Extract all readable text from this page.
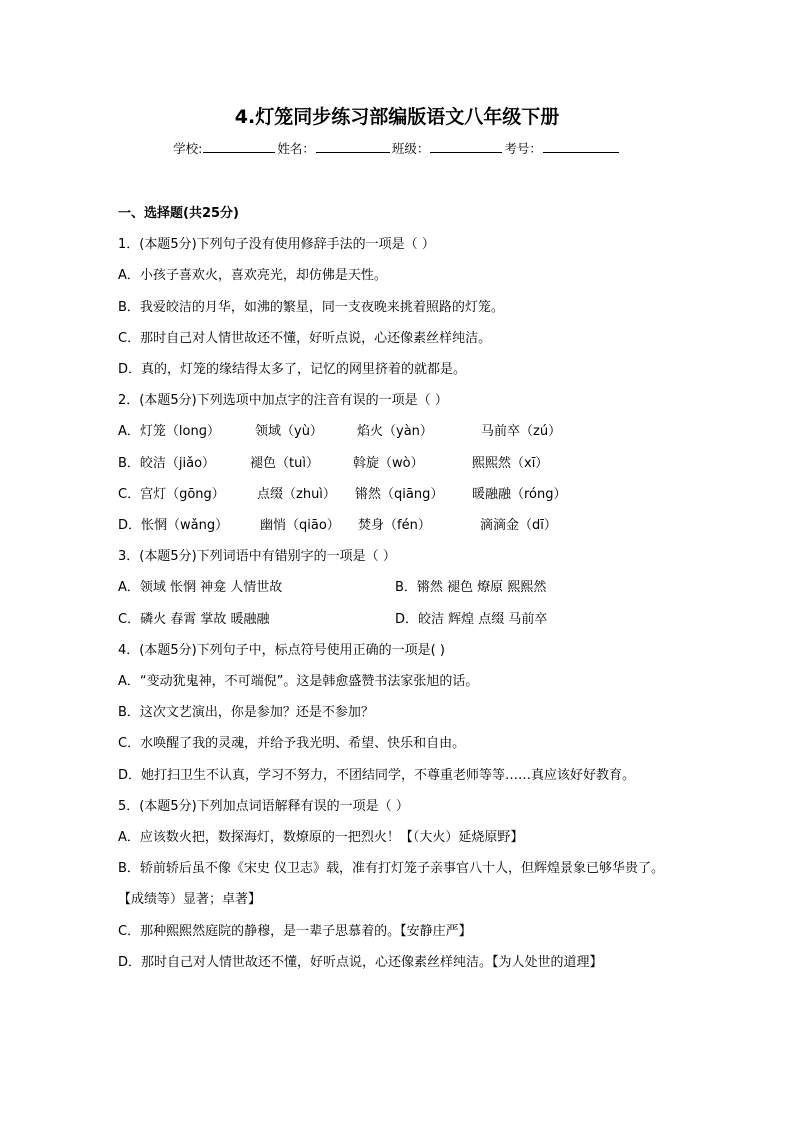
4.灯笼同步练习部编版语文八年级下册
学校:	姓名：	班级：	考号：
一、选择题(共25分)
1．(本题5分)下列句子没有使用修辞手法的一项是（ ）
A．小孩子喜欢火，喜欢亮光，却仿佛是天性。
B．我爱皎洁的月华，如沸的繁星，同一支夜晚来挑着照路的灯笼。
C．那时自己对人情世故还不懂，好听点说，心还像素丝样纯洁。
D．真的，灯笼的缘结得太多了，记忆的网里挤着的就都是。
2．(本题5分)下列选项中加点字的注音有误的一项是（ ）
A．灯笼（lonɡ）	领域（yù）	焰火（yàn）	马前卒（zú）
B．皎洁（jiǎo）	褪色（tuì）	斡旋（wò）	熙熙然（xī）
C．宫灯（gōng）	点缀（zhuì）	锵然（qiāng）	暖融融（róng）
D．怅惘（wǎng）	幽悄（qiāo）	焚身（fén）	滴滴金（dī）
3．(本题5分)下列词语中有错别字的一项是（ ）
A．领域 怅惘 神龛 人情世故	B．锵然 褪色 燎原 熙熙然
C．磷火 春霄 掌故 暖融融	D．皎洁 辉煌 点缀 马前卒
4．(本题5分)下列句子中，标点符号使用正确的一项是( )
A．“变动犹鬼神，不可端倪”。这是韩愈盛赞书法家张旭的话。
B．这次文艺演出，你是参加？还是不参加？
C．水唤醒了我的灵魂，并给予我光明、希望、快乐和自由。
D．她打扫卫生不认真，学习不努力，不团结同学，不尊重老师等等……真应该好好教育。
5．(本题5分)下列加点词语解释有误的一项是（ ）
A．应该数火把，数探海灯，数燎原的一把烈火！【（大火）延烧原野】
B．轿前轿后虽不像《宋史 仪卫志》载，准有打灯笼子亲事官八十人，但辉煌景象已够华贵了。【成绩等）显著；卓著】
C．那种熙熙然庭院的静穆，是一辈子思慕着的。【安静庄严】
D．那时自己对人情世故还不懂，好听点说，心还像素丝样纯洁。【为人处世的道理】
